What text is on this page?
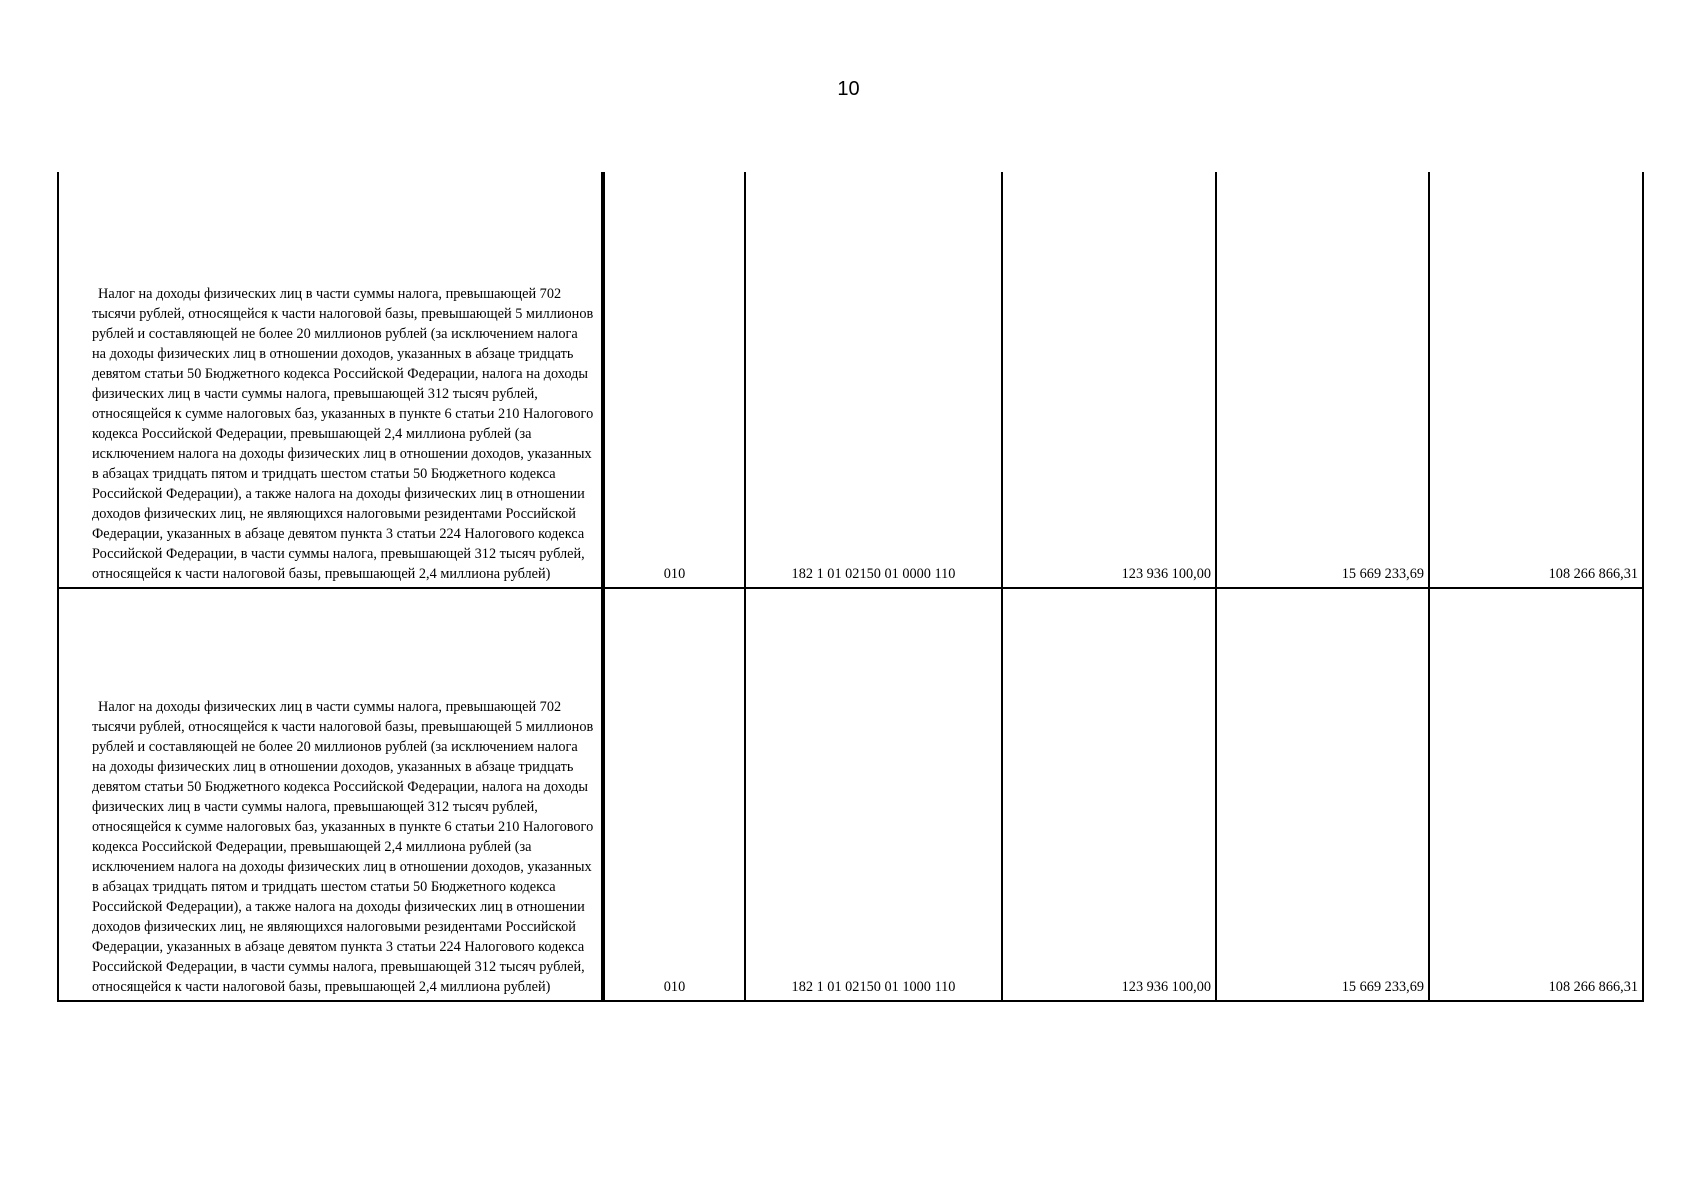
10
Налог на доходы физических лиц в части суммы налога, превышающей 702 тысячи рублей, относящейся к части налоговой базы, превышающей 5 миллионов рублей и составляющей не более 20 миллионов рублей (за исключением налога на доходы физических лиц в отношении доходов, указанных в абзаце тридцать девятом статьи 50 Бюджетного кодекса Российской Федерации, налога на доходы физических лиц в части суммы налога, превышающей 312 тысяч рублей, относящейся к сумме налоговых баз, указанных в пункте 6 статьи 210 Налогового кодекса Российской Федерации, превышающей 2,4 миллиона рублей (за исключением налога на доходы физических лиц в отношении доходов, указанных в абзацах тридцать пятом и тридцать шестом статьи 50 Бюджетного кодекса Российской Федерации), а также налога на доходы физических лиц в отношении доходов физических лиц, не являющихся налоговыми резидентами Российской Федерации, указанных в абзаце девятом пункта 3 статьи 224 Налогового кодекса Российской Федерации, в части суммы налога, превышающей 312 тысяч рублей, относящейся к части налоговой базы, превышающей 2,4 миллиона рублей)	010	182 1 01 02150 01 0000 110	123 936 100,00	15 669 233,69	108 266 866,31

Налог на доходы физических лиц в части суммы налога, превышающей 702 тысячи рублей, относящейся к части налоговой базы, превышающей 5 миллионов рублей и составляющей не более 20 миллионов рублей (за исключением налога на доходы физических лиц в отношении доходов, указанных в абзаце тридцать девятом статьи 50 Бюджетного кодекса Российской Федерации, налога на доходы физических лиц в части суммы налога, превышающей 312 тысяч рублей, относящейся к сумме налоговых баз, указанных в пункте 6 статьи 210 Налогового кодекса Российской Федерации, превышающей 2,4 миллиона рублей (за исключением налога на доходы физических лиц в отношении доходов, указанных в абзацах тридцать пятом и тридцать шестом статьи 50 Бюджетного кодекса Российской Федерации), а также налога на доходы физических лиц в отношении доходов физических лиц, не являющихся налоговыми резидентами Российской Федерации, указанных в абзаце девятом пункта 3 статьи 224 Налогового кодекса Российской Федерации, в части суммы налога, превышающей 312 тысяч рублей, относящейся к части налоговой базы, превышающей 2,4 миллиона рублей)	010	182 1 01 02150 01 1000 110	123 936 100,00	15 669 233,69	108 266 866,31
